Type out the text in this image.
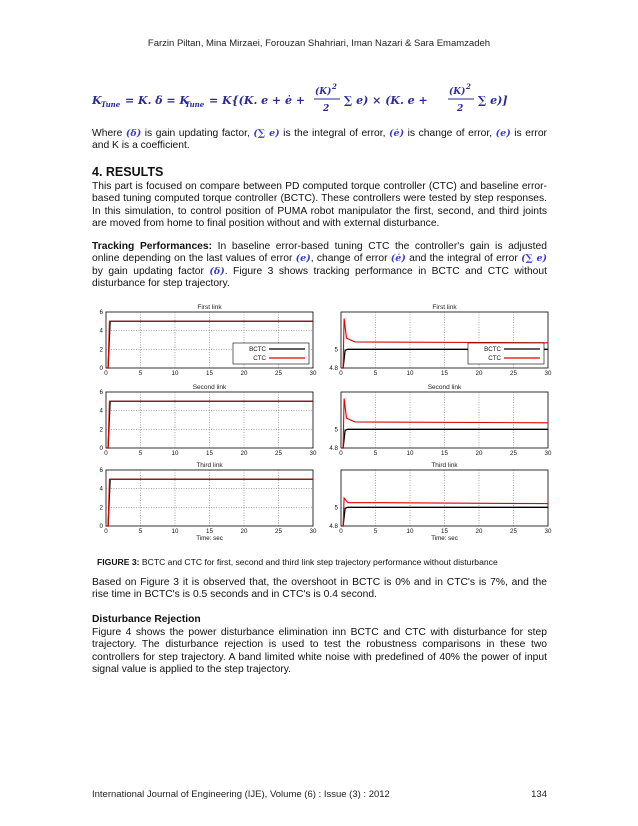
Farzin Piltan, Mina Mirzaei, Forouzan Shahriari, Iman Nazari & Sara Emamzadeh
K Tune = K. δ = K
Tune = K{(K. e + ė +
(K)
2
2
∑ e) × (K. e +
(K)
2
2
∑ e)]
Where (δ) is gain updating factor, (∑ e) is the integral of error, (ė) is change of error, (e) is error and K is a coefficient.
4. RESULTS
This part is focused on compare between PD computed torque controller (CTC) and baseline error-based tuning computed torque controller (BCTC). These controllers were tested by step responses. In this simulation, to control position of PUMA robot manipulator the first, second, and third joints are moved from home to final position without and with external disturbance.
Tracking Performances: In baseline error-based tuning CTC the controller's gain is adjusted online depending on the last values of error (e), change of error (ė) and the integral of error (∑ e) by gain updating factor (δ). Figure 3 shows tracking performance in BCTC and CTC without disturbance for step trajectory.
First link
0	5	10	15	20	25	30
0
2
4
6
BCTC
CTC
First link
0	5	10	15	20	25	30
4.8
5	BCTC
CTC
Second link
0	5	10	15	20	25	30
0
2
4
6
Second link
0	5	10	15	20	25	30
4.8
5
Third link
0	5	10	15	20	25	30
0
2
4
6
Time: sec
Third link
0	5	10	15	20	25	30
4.8
5
Time: sec
FIGURE 3: BCTC and CTC for first, second and third link step trajectory performance without disturbance
Based on Figure 3 it is observed that, the overshoot in BCTC is 0% and in CTC's is 7%, and the rise time in BCTC's is 0.5 seconds and in CTC's is 0.4 second.
Disturbance Rejection
Figure 4 shows the power disturbance elimination inn BCTC and CTC with disturbance for step trajectory. The disturbance rejection is used to test the robustness comparisons in these two controllers for step trajectory. A band limited white noise with predefined of 40% the power of input signal value is applied to the step trajectory.
International Journal of Engineering (IJE), Volume (6) : Issue (3) : 2012	134
